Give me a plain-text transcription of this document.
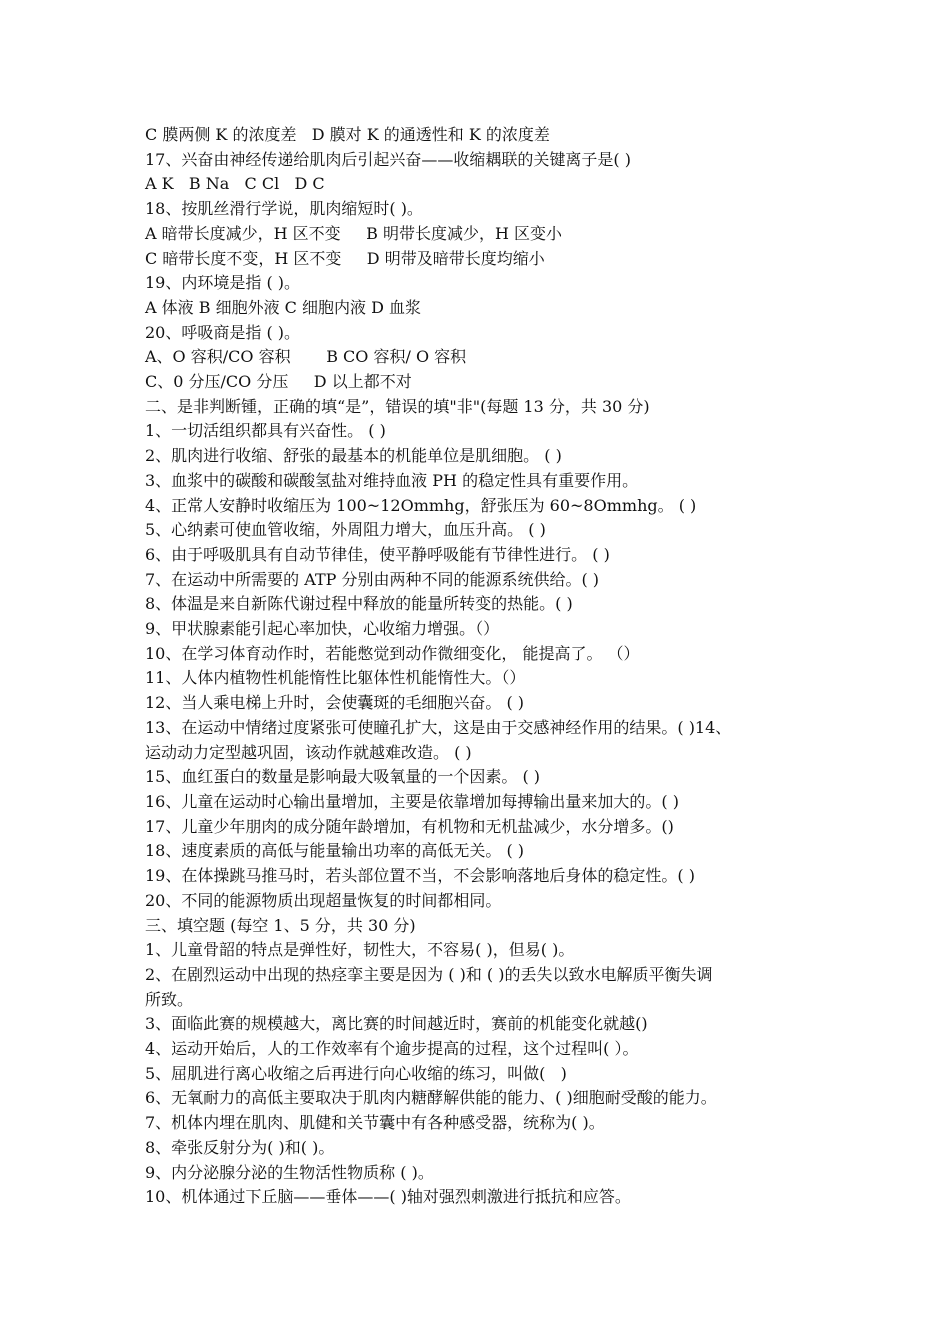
C 膜两侧 K 的浓度差   D 膜对 K 的通透性和 K 的浓度差
17、兴奋由神经传递给肌肉后引起兴奋——收缩耦联的关键离子是( )
A K   B Na   C Cl   D C
18、按肌丝滑行学说，肌肉缩短时( )。
A 暗带长度减少，H 区不变     B 明带长度减少，H 区变小
C 暗带长度不变，H 区不变     D 明带及暗带长度均缩小
19、内环境是指 ( )。
A 体液 B 细胞外液 C 细胞内液 D 血浆
20、呼吸商是指 ( )。
A、O 容积/CO 容积       B CO 容积/ O 容积
C、0 分压/CO 分压     D 以上都不对
二、是非判断锺，正确的填“是”，错误的填"非"(每题 13 分，共 30 分)
1、一切活组织都具有兴奋性。 ( )
2、肌肉进行收缩、舒张的最基本的机能单位是肌细胞。 ( )
3、血浆中的碳酸和碳酸氢盐对维持血液 PH 的稳定性具有重要作用。
4、正常人安静时收缩压为 100~12Ommhg，舒张压为 60~8Ommhg。 ( )
5、心纳素可使血管收缩，外周阻力增大，血压升高。 ( )
6、由于呼吸肌具有自动节律佳，使平静呼吸能有节律性进行。 ( )
7、在运动中所需要的 ATP 分别由两种不同的能源系统供给。( )
8、体温是来自新陈代谢过程中释放的能量所转变的热能。( )
9、甲状腺素能引起心率加快，心收缩力增强。（）
10、在学习体育动作时，若能憋觉到动作微细变化， 能提高了。 （）
11、人体内植物性机能惰性比躯体性机能惰性大。（）
12、当人乘电梯上升时，会使囊斑的毛细胞兴奋。 ( )
13、在运动中情绪过度紧张可使瞳孔扩大，这是由于交感神经作用的结果。( )14、
运动动力定型越巩固，该动作就越难改造。 ( )
15、血红蛋白的数量是影响最大吸氧量的一个因素。 ( )
16、儿童在运动时心输出量增加，主要是依靠增加每搏输出量来加大的。( )
17、儿童少年朋肉的成分随年龄增加，有机物和无机盐减少，水分增多。()
18、速度素质的高低与能量输出功率的高低无关。 ( )
19、在体操跳马推马时，若头部位置不当，不会影响落地后身体的稳定性。( )
20、不同的能源物质出现超量恢复的时间都相同。
三、填空题 (每空 1、5 分，共 30 分)
1、儿童骨韶的特点是弹性好，韧性大，不容易( )，但易( )。
2、在剧烈运动中出现的热痉挛主要是因为 ( )和 ( )的丢失以致水电解质平衡失调
所致。
3、面临此赛的规模越大，离比赛的时间越近时，赛前的机能变化就越()
4、运动开始后，人的工作效率有个逾步提高的过程，这个过程叫( ）。
5、屈肌进行离心收缩之后再进行向心收缩的练习，叫做(   )
6、无氧耐力的高低主要取决于肌肉内糖酵解供能的能力、( )细胞耐受酸的能力。
7、机体内埋在肌肉、肌健和关节囊中有各种感受器，统称为( )。
8、牵张反射分为( )和( )。
9、内分泌腺分泌的生物活性物质称 ( )。
10、机体通过下丘脑——垂体——( )轴对强烈刺激进行抵抗和应答。
